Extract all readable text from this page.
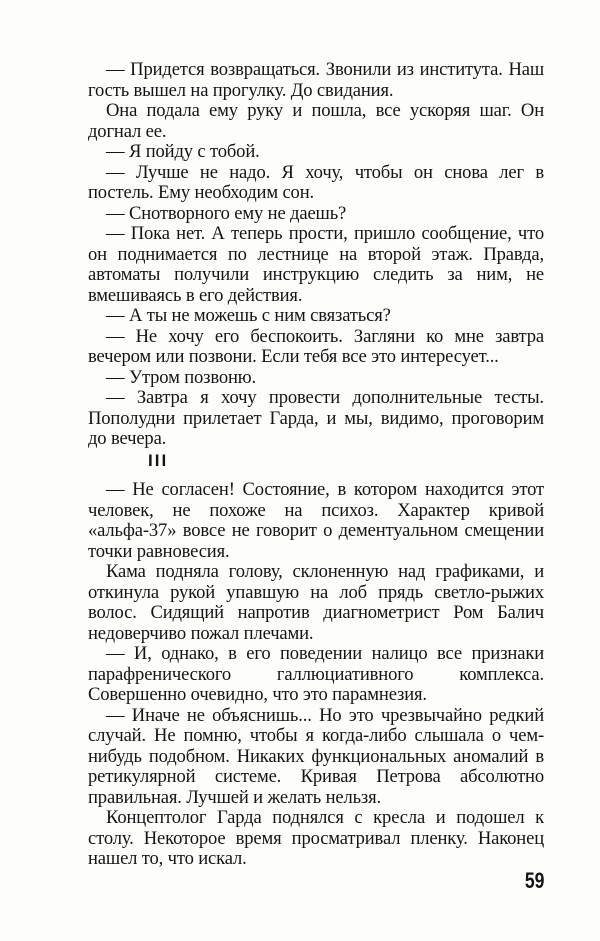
— Придется возвращаться. Звонили из института. Наш гость вышел на прогулку. До свидания.

Она подала ему руку и пошла, все ускоряя шаг. Он догнал ее.

— Я пойду с тобой.

— Лучше не надо. Я хочу, чтобы он снова лег в постель. Ему необходим сон.

— Снотворного ему не даешь?

— Пока нет. А теперь прости, пришло сообщение, что он поднимается по лестнице на второй этаж. Правда, автоматы получили инструкцию следить за ним, не вмешиваясь в его действия.

— А ты не можешь с ним связаться?

— Не хочу его беспокоить. Загляни ко мне завтра вечером или позвони. Если тебя все это интересует...

— Утром позвоню.

— Завтра я хочу провести дополнительные тесты. Пополудни прилетает Гарда, и мы, видимо, проговорим до вечера.

III

— Не согласен! Состояние, в котором находится этот человек, не похоже на психоз. Характер кривой «альфа-37» вовсе не говорит о дементуальном смещении точки равновесия.

Кама подняла голову, склоненную над графиками, и откинула рукой упавшую на лоб прядь светло-рыжих волос. Сидящий напротив диагнометрист Ром Балич недоверчиво пожал плечами.

— И, однако, в его поведении налицо все признаки парафренического галлюциативного комплекса. Совершенно очевидно, что это парамнезия.

— Иначе не объяснишь... Но это чрезвычайно редкий случай. Не помню, чтобы я когда-либо слышала о чем-нибудь подобном. Никаких функциональных аномалий в ретикулярной системе. Кривая Петрова абсолютно правильная. Лучшей и желать нельзя.

Концептолог Гарда поднялся с кресла и подошел к столу. Некоторое время просматривал пленку. Наконец нашел то, что искал.

59
